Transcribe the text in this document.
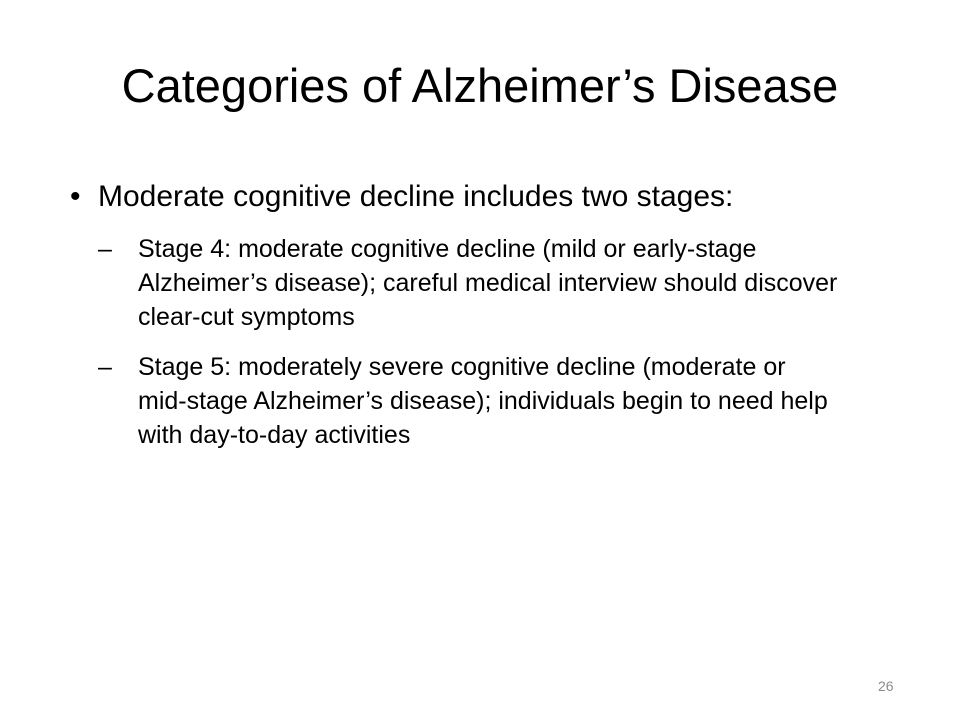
Categories of Alzheimer’s Disease
• Moderate cognitive decline includes two stages:
– Stage 4: moderate cognitive decline (mild or early-stage Alzheimer’s disease); careful medical interview should discover clear-cut symptoms
– Stage 5: moderately severe cognitive decline (moderate or mid-stage Alzheimer’s disease); individuals begin to need help with day-to-day activities
26
